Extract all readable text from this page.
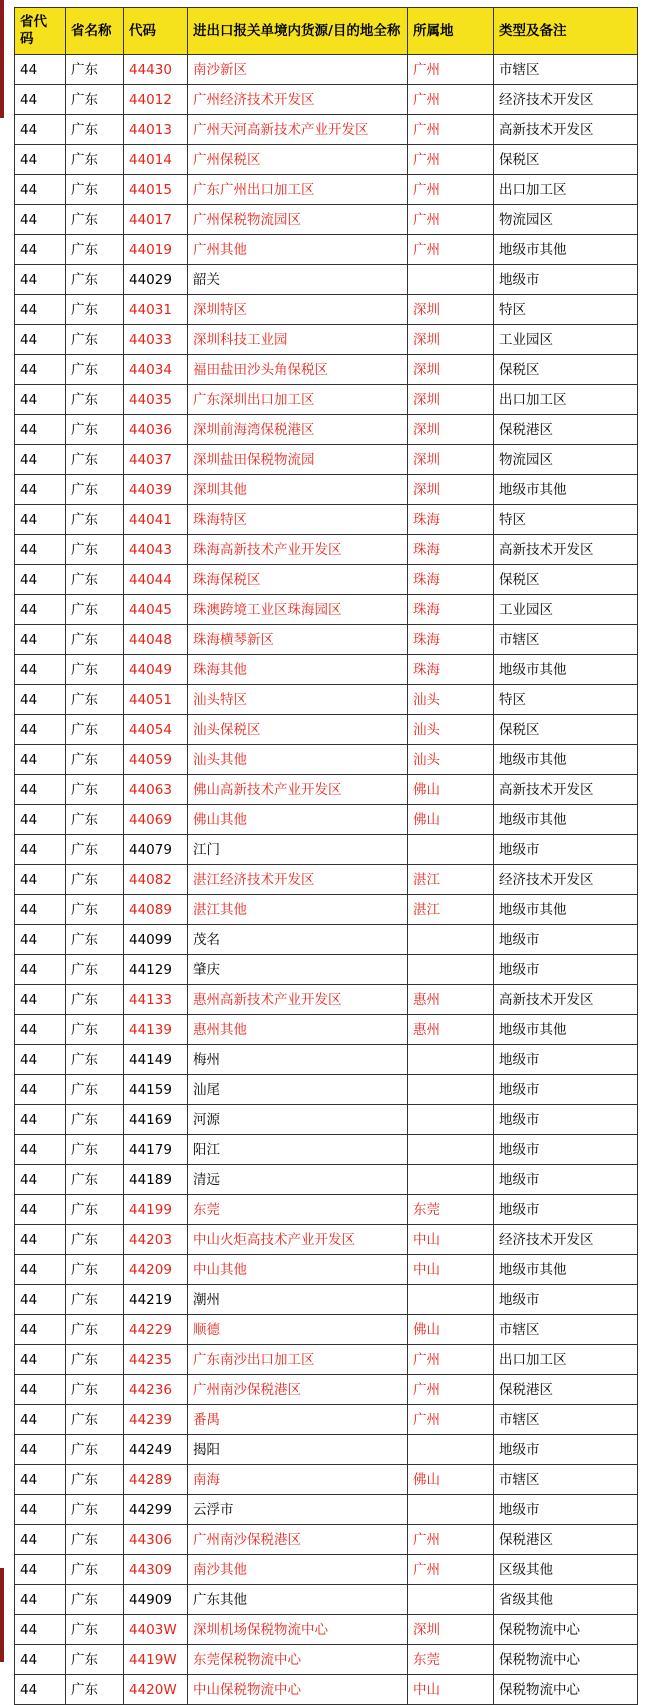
省代码	省名称	代码	进出口报关单境内货源/目的地全称	所属地	类型及备注
44	广东	44430	南沙新区	广州	市辖区
44	广东	44012	广州经济技术开发区	广州	经济技术开发区
44	广东	44013	广州天河高新技术产业开发区	广州	高新技术开发区
44	广东	44014	广州保税区	广州	保税区
44	广东	44015	广东广州出口加工区	广州	出口加工区
44	广东	44017	广州保税物流园区	广州	物流园区
44	广东	44019	广州其他	广州	地级市其他
44	广东	44029	韶关		地级市
44	广东	44031	深圳特区	深圳	特区
44	广东	44033	深圳科技工业园	深圳	工业园区
44	广东	44034	福田盐田沙头角保税区	深圳	保税区
44	广东	44035	广东深圳出口加工区	深圳	出口加工区
44	广东	44036	深圳前海湾保税港区	深圳	保税港区
44	广东	44037	深圳盐田保税物流园	深圳	物流园区
44	广东	44039	深圳其他	深圳	地级市其他
44	广东	44041	珠海特区	珠海	特区
44	广东	44043	珠海高新技术产业开发区	珠海	高新技术开发区
44	广东	44044	珠海保税区	珠海	保税区
44	广东	44045	珠澳跨境工业区珠海园区	珠海	工业园区
44	广东	44048	珠海横琴新区	珠海	市辖区
44	广东	44049	珠海其他	珠海	地级市其他
44	广东	44051	汕头特区	汕头	特区
44	广东	44054	汕头保税区	汕头	保税区
44	广东	44059	汕头其他	汕头	地级市其他
44	广东	44063	佛山高新技术产业开发区	佛山	高新技术开发区
44	广东	44069	佛山其他	佛山	地级市其他
44	广东	44079	江门		地级市
44	广东	44082	湛江经济技术开发区	湛江	经济技术开发区
44	广东	44089	湛江其他	湛江	地级市其他
44	广东	44099	茂名		地级市
44	广东	44129	肇庆		地级市
44	广东	44133	惠州高新技术产业开发区	惠州	高新技术开发区
44	广东	44139	惠州其他	惠州	地级市其他
44	广东	44149	梅州		地级市
44	广东	44159	汕尾		地级市
44	广东	44169	河源		地级市
44	广东	44179	阳江		地级市
44	广东	44189	清远		地级市
44	广东	44199	东莞	东莞	地级市
44	广东	44203	中山火炬高技术产业开发区	中山	经济技术开发区
44	广东	44209	中山其他	中山	地级市其他
44	广东	44219	潮州		地级市
44	广东	44229	顺德	佛山	市辖区
44	广东	44235	广东南沙出口加工区	广州	出口加工区
44	广东	44236	广州南沙保税港区	广州	保税港区
44	广东	44239	番禺	广州	市辖区
44	广东	44249	揭阳		地级市
44	广东	44289	南海	佛山	市辖区
44	广东	44299	云浮市		地级市
44	广东	44306	广州南沙保税港区	广州	保税港区
44	广东	44309	南沙其他	广州	区级其他
44	广东	44909	广东其他		省级其他
44	广东	4403W	深圳机场保税物流中心	深圳	保税物流中心
44	广东	4419W	东莞保税物流中心	东莞	保税物流中心
44	广东	4420W	中山保税物流中心	中山	保税物流中心
